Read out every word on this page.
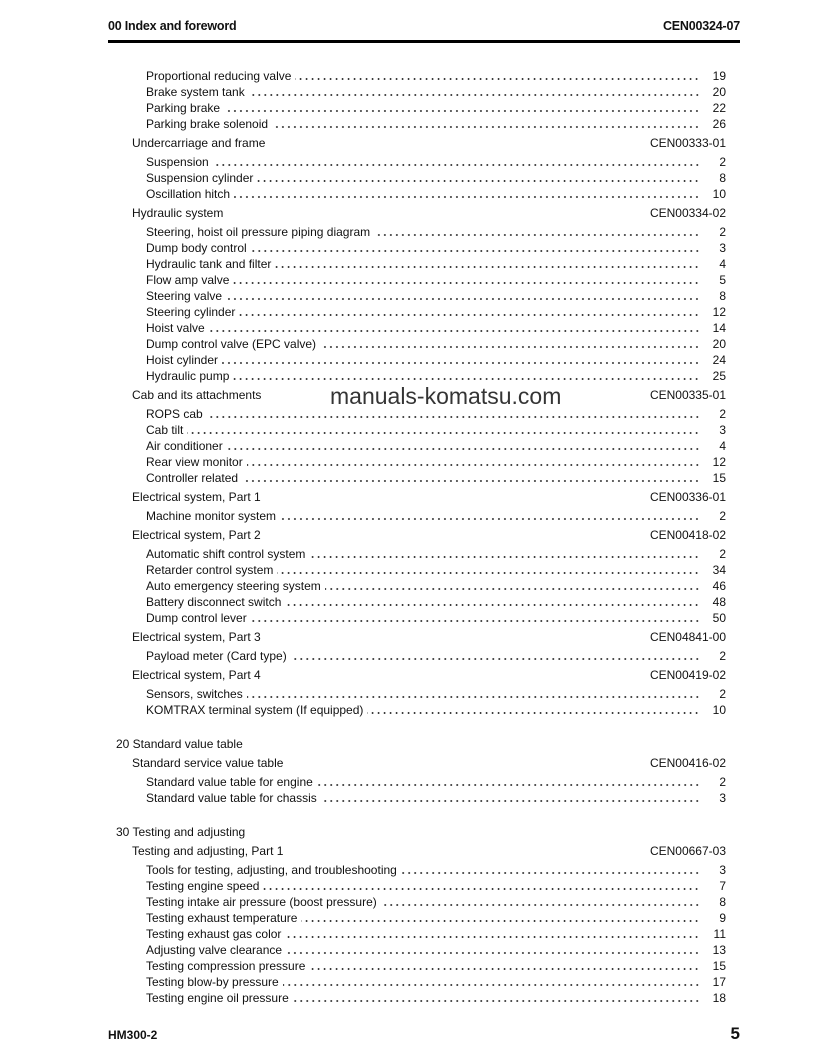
00 Index and foreword	CEN00324-07
Proportional reducing valve	19
Brake system tank	20
Parking brake	22
Parking brake solenoid	26
Undercarriage and frame	CEN00333-01
Suspension	2
Suspension cylinder	8
Oscillation hitch	10
Hydraulic system	CEN00334-02
Steering, hoist oil pressure piping diagram	2
Dump body control	3
Hydraulic tank and filter	4
Flow amp valve	5
Steering valve	8
Steering cylinder	12
Hoist valve	14
Dump control valve (EPC valve)	20
Hoist cylinder	24
Hydraulic pump	25
Cab and its attachments	CEN00335-01
ROPS cab	2
Cab tilt	3
Air conditioner	4
Rear view monitor	12
Controller related	15
Electrical system, Part 1	CEN00336-01
Machine monitor system	2
Electrical system, Part 2	CEN00418-02
Automatic shift control system	2
Retarder control system	34
Auto emergency steering system	46
Battery disconnect switch	48
Dump control lever	50
Electrical system, Part 3	CEN04841-00
Payload meter (Card type)	2
Electrical system, Part 4	CEN00419-02
Sensors, switches	2
KOMTRAX terminal system (If equipped)	10
20 Standard value table
Standard service value table	CEN00416-02
Standard value table for engine	2
Standard value table for chassis	3
30 Testing and adjusting
Testing and adjusting, Part 1	CEN00667-03
Tools for testing, adjusting, and troubleshooting	3
Testing engine speed	7
Testing intake air pressure (boost pressure)	8
Testing exhaust temperature	9
Testing exhaust gas color	11
Adjusting valve clearance	13
Testing compression pressure	15
Testing blow-by pressure	17
Testing engine oil pressure	18
manuals-komatsu.com
HM300-2	5
